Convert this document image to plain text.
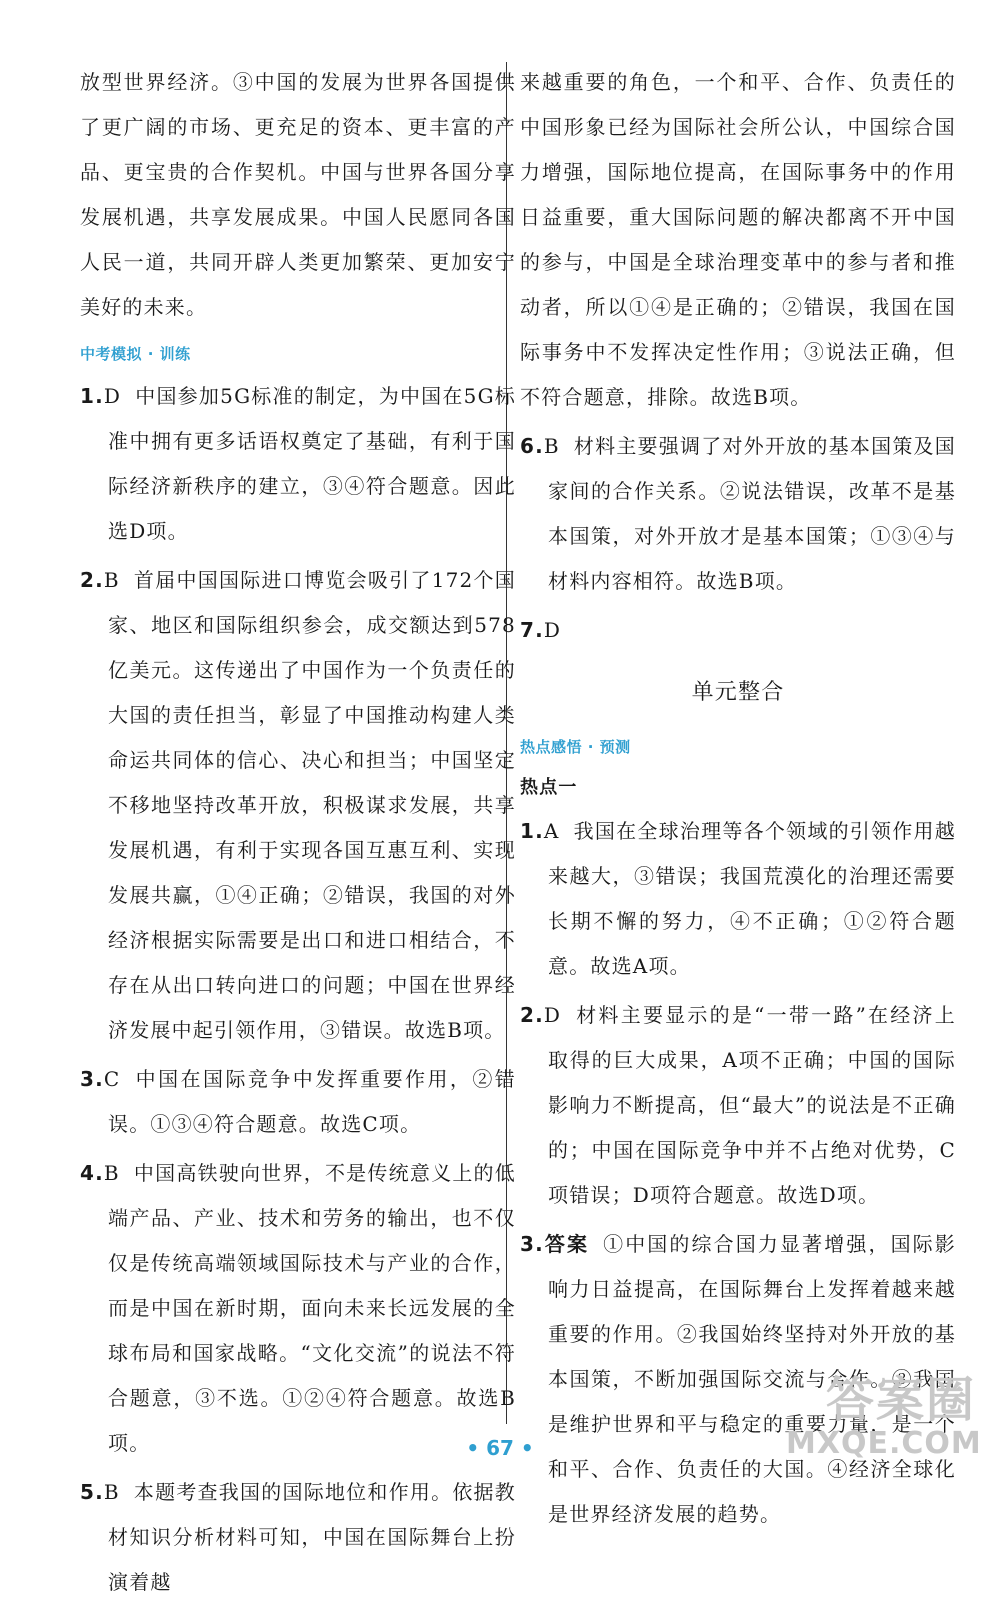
放型世界经济。③中国的发展为世界各国提供了更广阔的市场、更充足的资本、更丰富的产品、更宝贵的合作契机。中国与世界各国分享发展机遇，共享发展成果。中国人民愿同各国人民一道，共同开辟人类更加繁荣、更加安宁美好的未来。

中考模拟 · 训练

1.D 中国参加5G标准的制定，为中国在5G标准中拥有更多话语权奠定了基础，有利于国际经济新秩序的建立，③④符合题意。因此选D项。

2.B 首届中国国际进口博览会吸引了172个国家、地区和国际组织参会，成交额达到578亿美元。这传递出了中国作为一个负责任的大国的责任担当，彰显了中国推动构建人类命运共同体的信心、决心和担当；中国坚定不移地坚持改革开放，积极谋求发展，共享发展机遇，有利于实现各国互惠互利、实现发展共赢，①④正确；②错误，我国的对外经济根据实际需要是出口和进口相结合，不存在从出口转向进口的问题；中国在世界经济发展中起引领作用，③错误。故选B项。

3.C 中国在国际竞争中发挥重要作用，②错误。①③④符合题意。故选C项。

4.B 中国高铁驶向世界，不是传统意义上的低端产品、产业、技术和劳务的输出，也不仅仅是传统高端领域国际技术与产业的合作，而是中国在新时期，面向未来长远发展的全球布局和国家战略。“文化交流”的说法不符合题意，③不选。①②④符合题意。故选B项。

5.B 本题考查我国的国际地位和作用。依据教材知识分析材料可知，中国在国际舞台上扮演着越

来越重要的角色，一个和平、合作、负责任的中国形象已经为国际社会所公认，中国综合国力增强，国际地位提高，在国际事务中的作用日益重要，重大国际问题的解决都离不开中国的参与，中国是全球治理变革中的参与者和推动者，所以①④是正确的；②错误，我国在国际事务中不发挥决定性作用；③说法正确，但不符合题意，排除。故选B项。

6.B 材料主要强调了对外开放的基本国策及国家间的合作关系。②说法错误，改革不是基本国策，对外开放才是基本国策；①③④与材料内容相符。故选B项。

7.D

单元整合

热点感悟 · 预测

热点一

1.A 我国在全球治理等各个领域的引领作用越来越大，③错误；我国荒漠化的治理还需要长期不懈的努力，④不正确；①②符合题意。故选A项。

2.D 材料主要显示的是“一带一路”在经济上取得的巨大成果，A项不正确；中国的国际影响力不断提高，但“最大”的说法是不正确的；中国在国际竞争中并不占绝对优势，C项错误；D项符合题意。故选D项。

3.答案 ①中国的综合国力显著增强，国际影响力日益提高，在国际舞台上发挥着越来越重要的作用。②我国始终坚持对外开放的基本国策，不断加强国际交流与合作。③我国是维护世界和平与稳定的重要力量，是一个和平、合作、负责任的大国。④经济全球化是世界经济发展的趋势。

• 67 •
答案圈
MXQE.COM
